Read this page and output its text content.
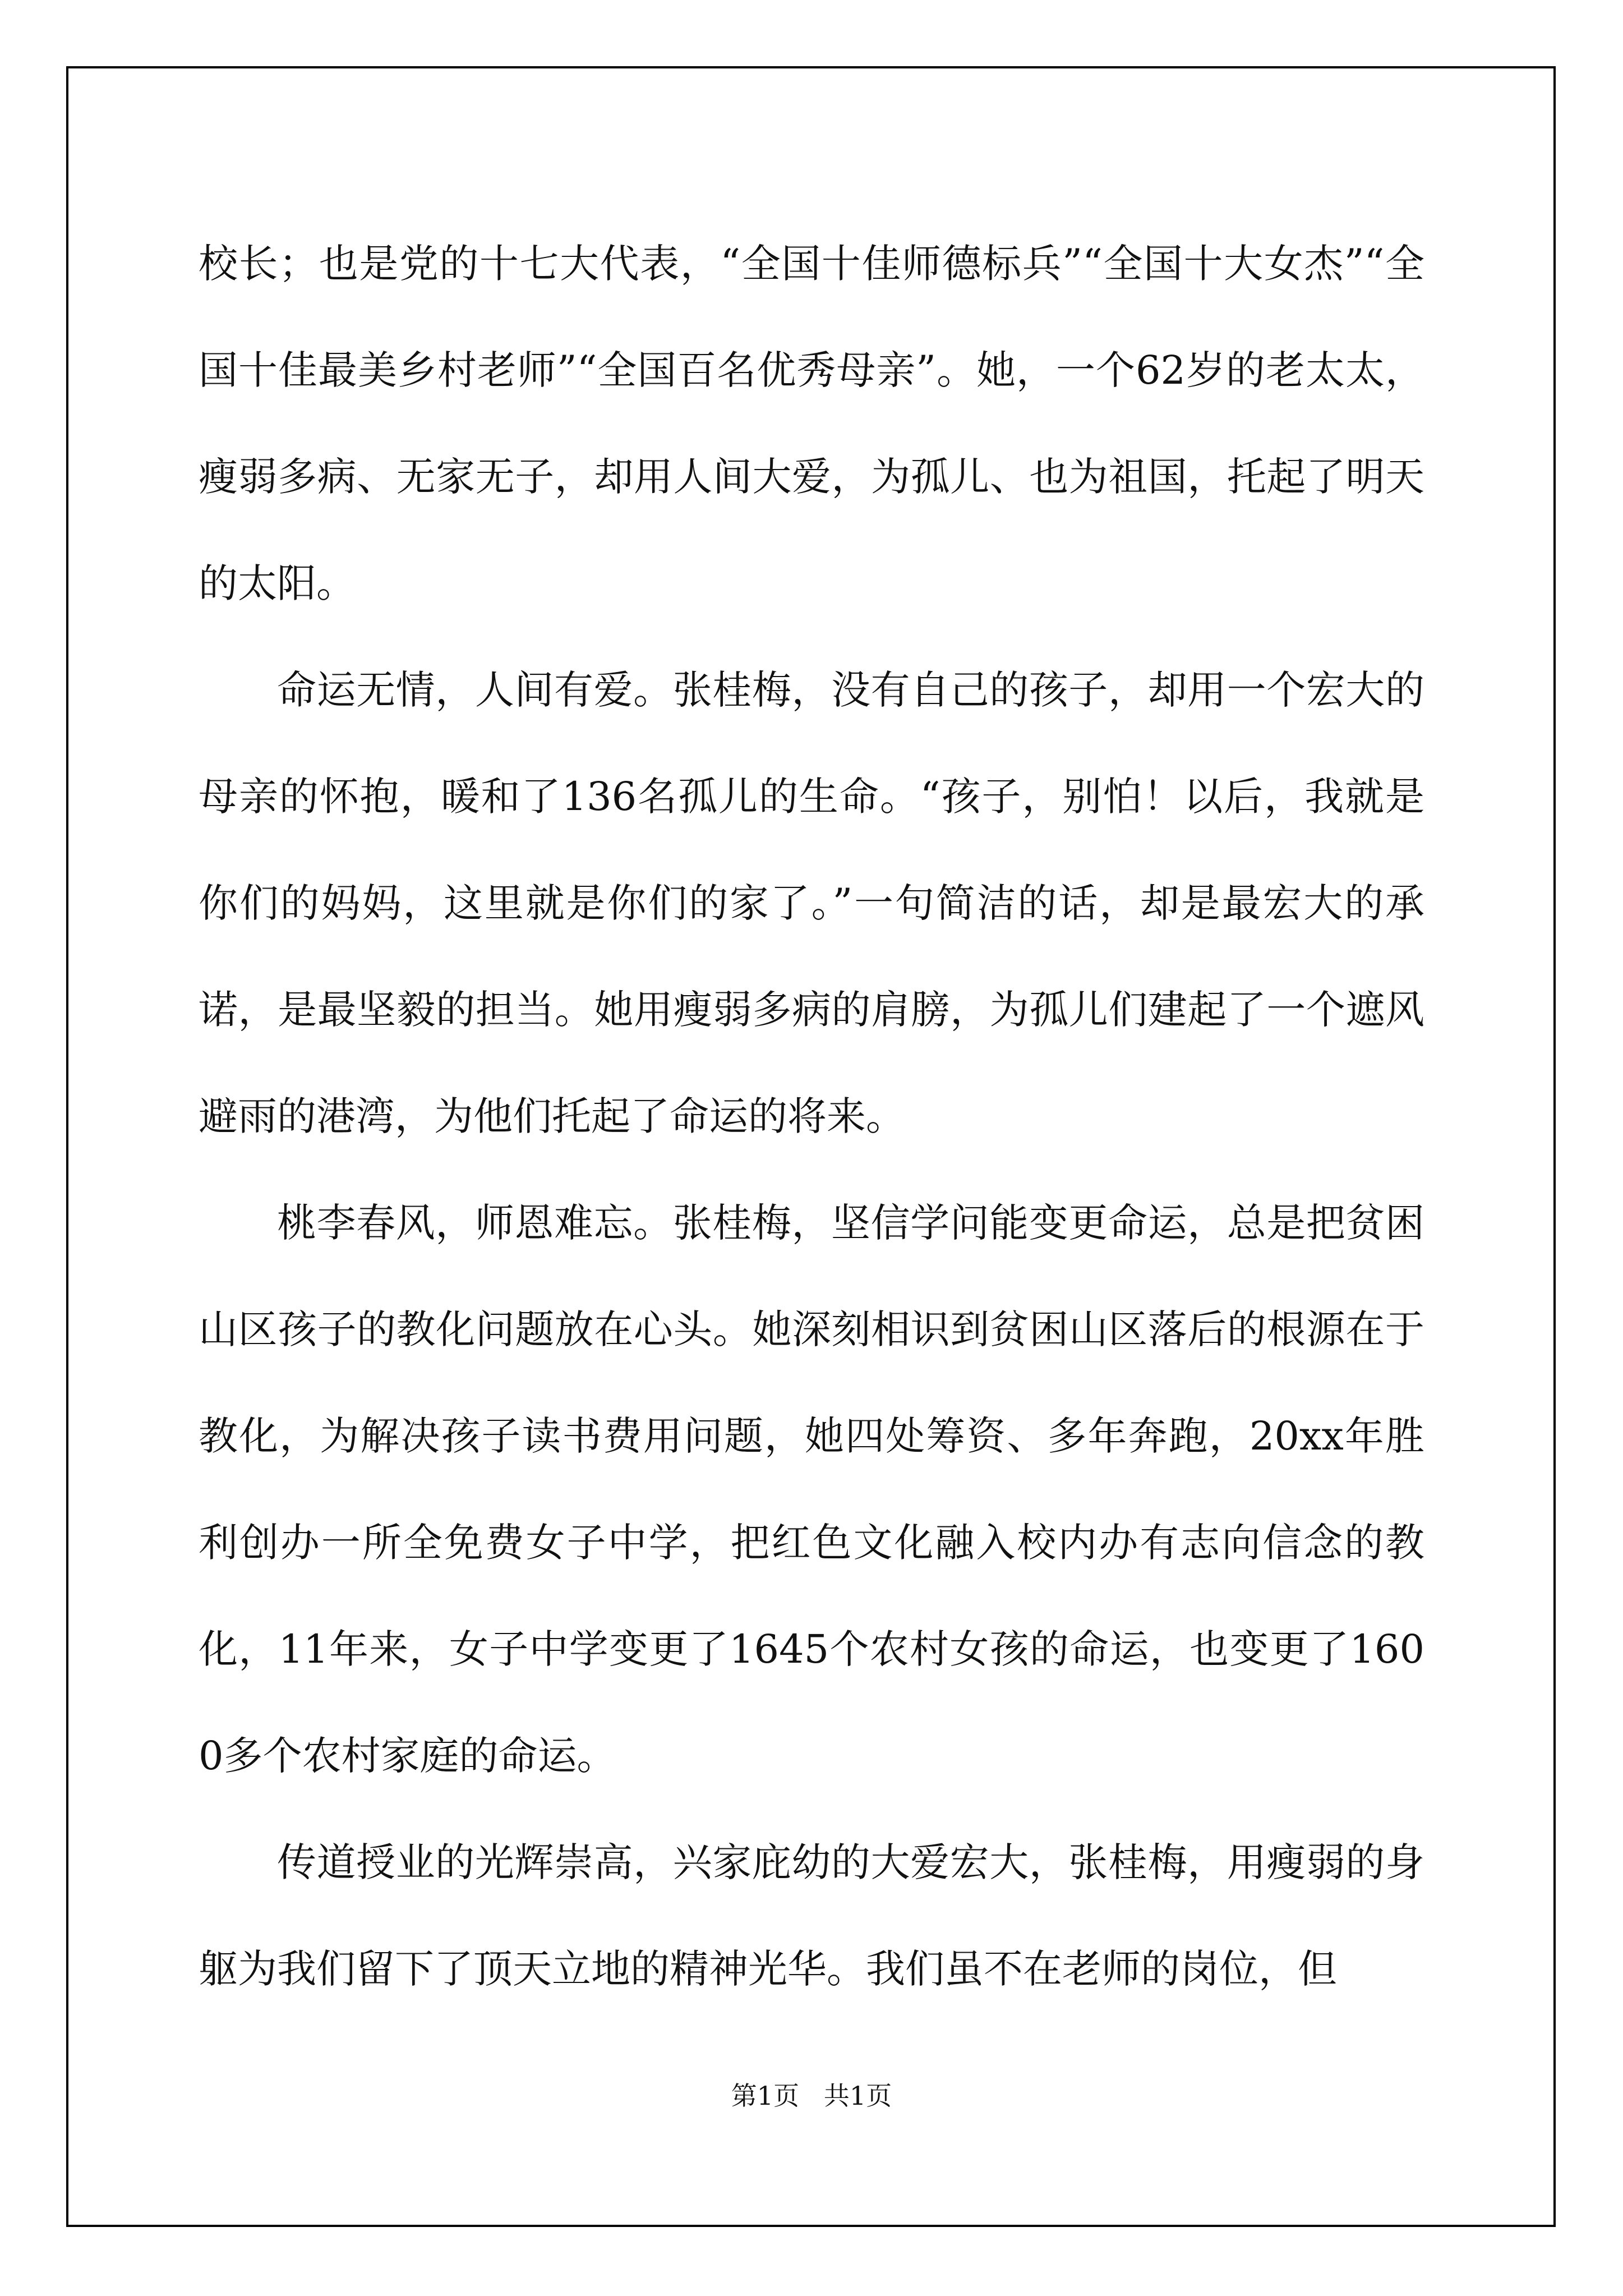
校长；也是党的十七大代表，“全国十佳师德标兵”“全国十大女杰”“全国十佳最美乡村老师”“全国百名优秀母亲”。她，一个62岁的老太太，瘦弱多病、无家无子，却用人间大爱，为孤儿、也为祖国，托起了明天的太阳。

命运无情，人间有爱。张桂梅，没有自己的孩子，却用一个宏大的母亲的怀抱，暖和了136名孤儿的生命。“孩子，别怕！以后，我就是你们的妈妈，这里就是你们的家了。”一句简洁的话，却是最宏大的承诺，是最坚毅的担当。她用瘦弱多病的肩膀，为孤儿们建起了一个遮风避雨的港湾，为他们托起了命运的将来。

桃李春风，师恩难忘。张桂梅，坚信学问能变更命运，总是把贫困山区孩子的教化问题放在心头。她深刻相识到贫困山区落后的根源在于教化，为解决孩子读书费用问题，她四处筹资、多年奔跑，20xx年胜利创办一所全免费女子中学，把红色文化融入校内办有志向信念的教化，11年来，女子中学变更了1645个农村女孩的命运，也变更了1600多个农村家庭的命运。

传道授业的光辉崇高，兴家庇幼的大爱宏大，张桂梅，用瘦弱的身躯为我们留下了顶天立地的精神光华。我们虽不在老师的岗位，但

第1页   共1页
